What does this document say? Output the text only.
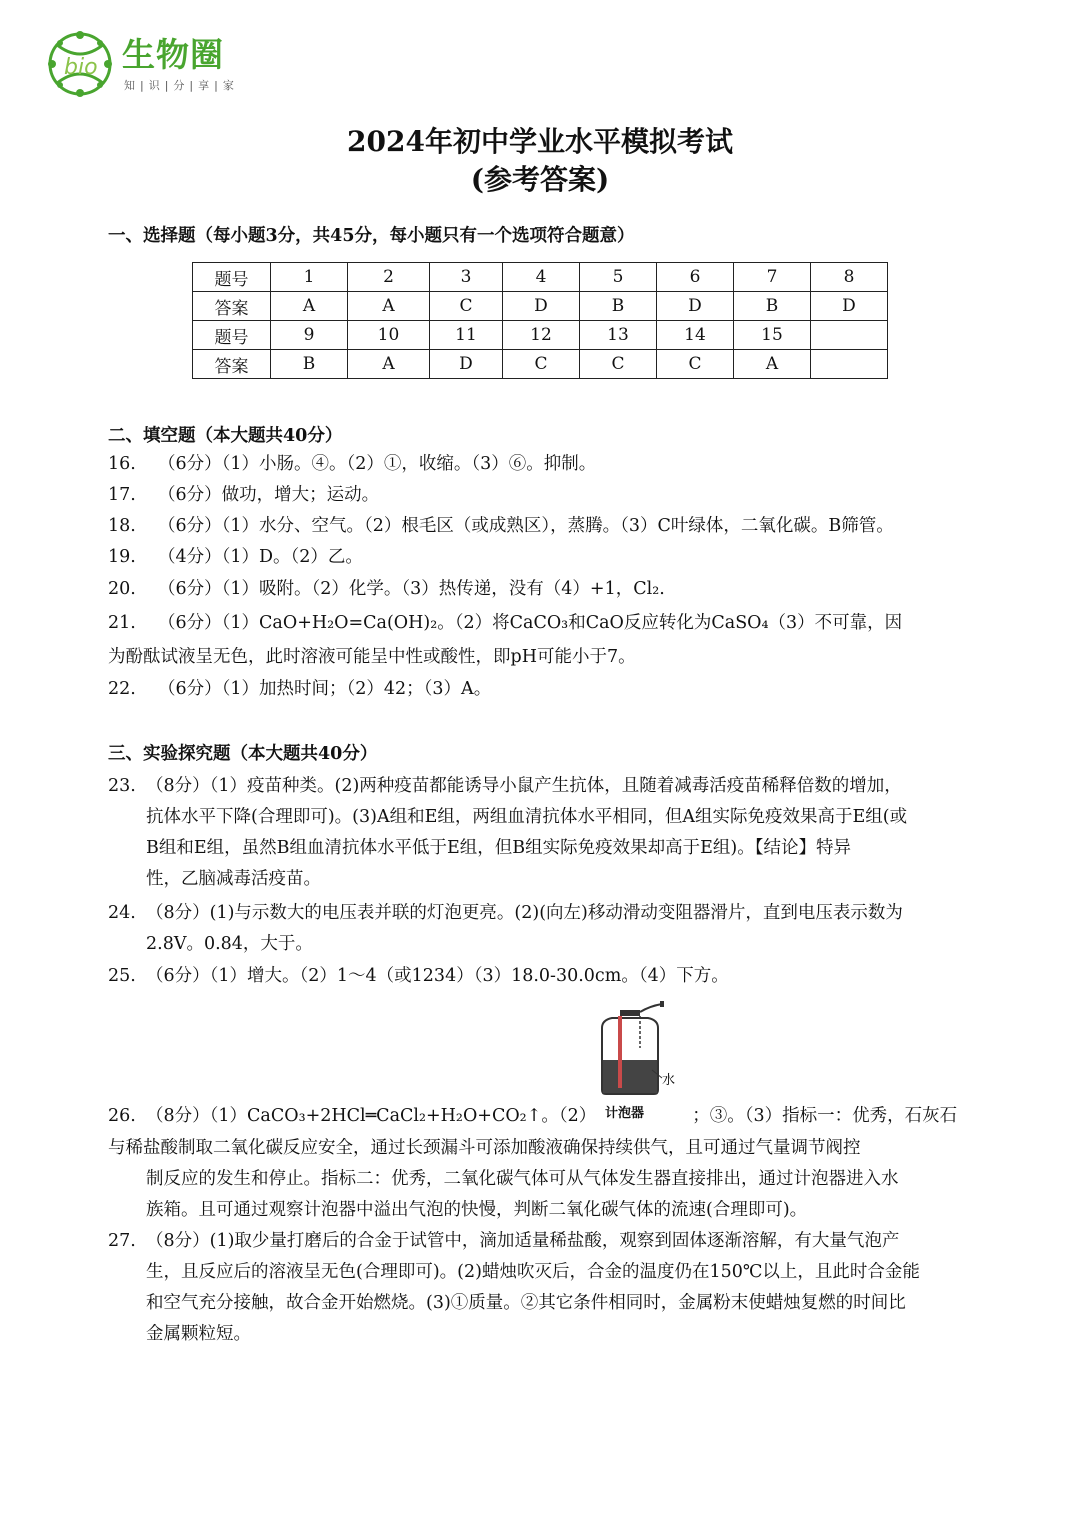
bio 生物圈
知|识|分|享|家
2024年初中学业水平模拟考试
(参考答案)
一、选择题（每小题3分，共45分，每小题只有一个选项符合题意）
题号	1	2	3	4	5	6	7	8
答案	A	A	C	D	B	D	B	D
题号	9	10	11	12	13	14	15	
答案	B	A	D	C	C	C	A	
二、填空题（本大题共40分）
16. （6分）（1）小肠。④。（2）①，收缩。（3）⑥。抑制。
17. （6分）做功，增大；运动。
18. （6分）（1）水分、空气。（2）根毛区（或成熟区），蒸腾。（3）C叶绿体，二氧化碳。B筛管。
19. （4分）（1）D。（2）乙。
20. （6分）（1）吸附。（2）化学。（3）热传递，没有（4）+1，Cl₂.
21. （6分）（1）CaO+H₂O=Ca(OH)₂。（2）将CaCO₃和CaO反应转化为CaSO₄（3）不可靠，因
为酚酞试液呈无色，此时溶液可能呈中性或酸性，即pH可能小于7。
22. （6分）（1）加热时间；（2）42；（3）A。
三、实验探究题（本大题共40分）
23. （8分）（1）疫苗种类。(2)两种疫苗都能诱导小鼠产生抗体，且随着减毒活疫苗稀释倍数的增加，
抗体水平下降(合理即可)。(3)A组和E组，两组血清抗体水平相同，但A组实际免疫效果高于E组(或
B组和E组，虽然B组血清抗体水平低于E组，但B组实际免疫效果却高于E组)。【结论】特异
性，乙脑减毒活疫苗。
24. （8分）(1)与示数大的电压表并联的灯泡更亮。(2)(向左)移动滑动变阻器滑片，直到电压表示数为
2.8V。0.84，大于。
25. （6分）（1）增大。（2）1～4（或1234）（3）18.0-30.0cm。（4）下方。
水
计泡器
26. （8分）（1）CaCO₃+2HCl═CaCl₂+H₂O+CO₂↑。（2）	；③。（3）指标一：优秀，石灰石
与稀盐酸制取二氧化碳反应安全，通过长颈漏斗可添加酸液确保持续供气，且可通过气量调节阀控
制反应的发生和停止。指标二：优秀，二氧化碳气体可从气体发生器直接排出，通过计泡器进入水
族箱。且可通过观察计泡器中溢出气泡的快慢，判断二氧化碳气体的流速(合理即可)。
27. （8分）(1)取少量打磨后的合金于试管中，滴加适量稀盐酸，观察到固体逐渐溶解，有大量气泡产
生，且反应后的溶液呈无色(合理即可)。(2)蜡烛吹灭后，合金的温度仍在150℃以上，且此时合金能
和空气充分接触，故合金开始燃烧。(3)①质量。②其它条件相同时，金属粉末使蜡烛复燃的时间比
金属颗粒短。
